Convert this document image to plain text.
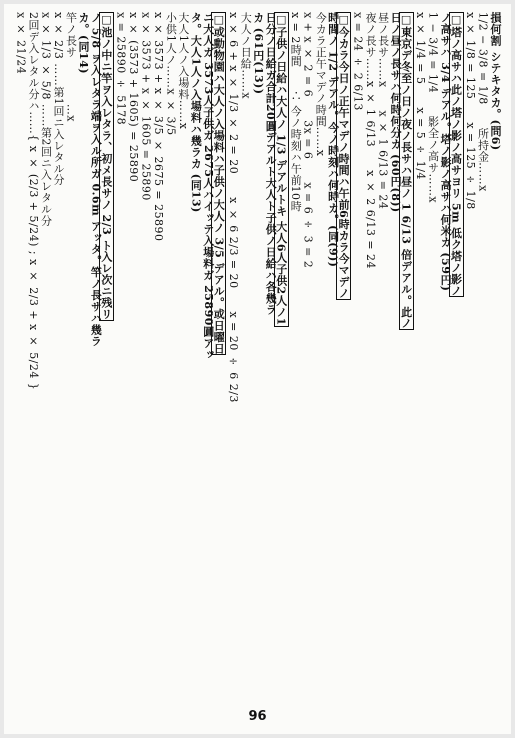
損何割 シテキタカ。(問6)
1/2 − 3/8 = 1/8　　所持金……x
x × 1/8 = 125　　x = 125 ÷ 1/8
□塔ノ高サハ此ノ塔ノ影ノ高サヨリ 5m 低ク塔ノ影ノ
ノ高サハ 3/4 デアル。塔ノ影ノ高サハ何米カ (59円)
1 − 3/4 = 1/4　　影全ノ高サ……x
x × 1/4 = 5　　x = 5 ÷ 1/4
□東京デ冬至ノ日ノ夜ノ長サハ昼ノ 1 6/13 倍デアル。此ノ
日ノ昼ノ長サハ何時何分カ (60円(8))
昼ノ長サ……x　　x × 1 6/13 = 24
夜ノ長サ……x × 1 6/13　　x × 2 6/13 = 24
x = 24 ÷ 2 6/13
□今カラ今日ノ正午マデノ時間ハ午前6時カラ今マデノ
時間ノ 1/2 デアル。今ノ時刻ハ何時カ。(同(9))
今カラ正午マデノ時間……x
x + x × 2 = 6　　3x = 6　　x = 6 ÷ 3 = 2
x = 2時間　　∴ 今ノ時刻ハ午前10時
□子供ノ日給ハ大人ノ 1/3 デアルトキ 大人6人子供2人ノ1
日分ノ日給ガ合計20圓デアルト大人ト子供ノ日給ハ各幾ラ
カ (61円(13))
大人ノ日給……x
x × 6 + x × 1/3 × 2 = 20　　x × 6 2/3 = 20　　x = 20 ÷ 6 2/3
□或動物園ハ大人ノ入場料ハ子供ノ大人ノ 3/5 デアル。或日曜日
ニ大人ガ 3573人子供ガ 2675人ハイッテ入場料ガ 25890圓アッ
タ。大人1人ノ入場料ハ幾ラカ (同13)
大人1人ノ入場料……x
小供1人ノ……x × 3/5
x × 3573 + x × 3/5 × 2675 = 25890
x × 3573 + x × 1605 = 25890
x × (3573 + 1605) = 25890
x = 25890 ÷ 5178
□池ノ中ニ竿ヲ入レタラ、初メ長サノ 2/3 ト入レ次ニ残リ
ノ 5/8 ヲ入レタラ端ヲ入ル所ガ 0.6m アッタ。竿ノ長サハ幾ラ
カ。(同14)
竿ノ長サ　　　　…x
x × 2/3 ……第1回ニ入レタル分
x × 1/3 × 5/8 ……第2回ニ入レタル分
2回デ入レタル分ハ……{ x × (2/3 + 5/24) ; x × 2/3 + x × 5/24 }
x × 21/24
96
